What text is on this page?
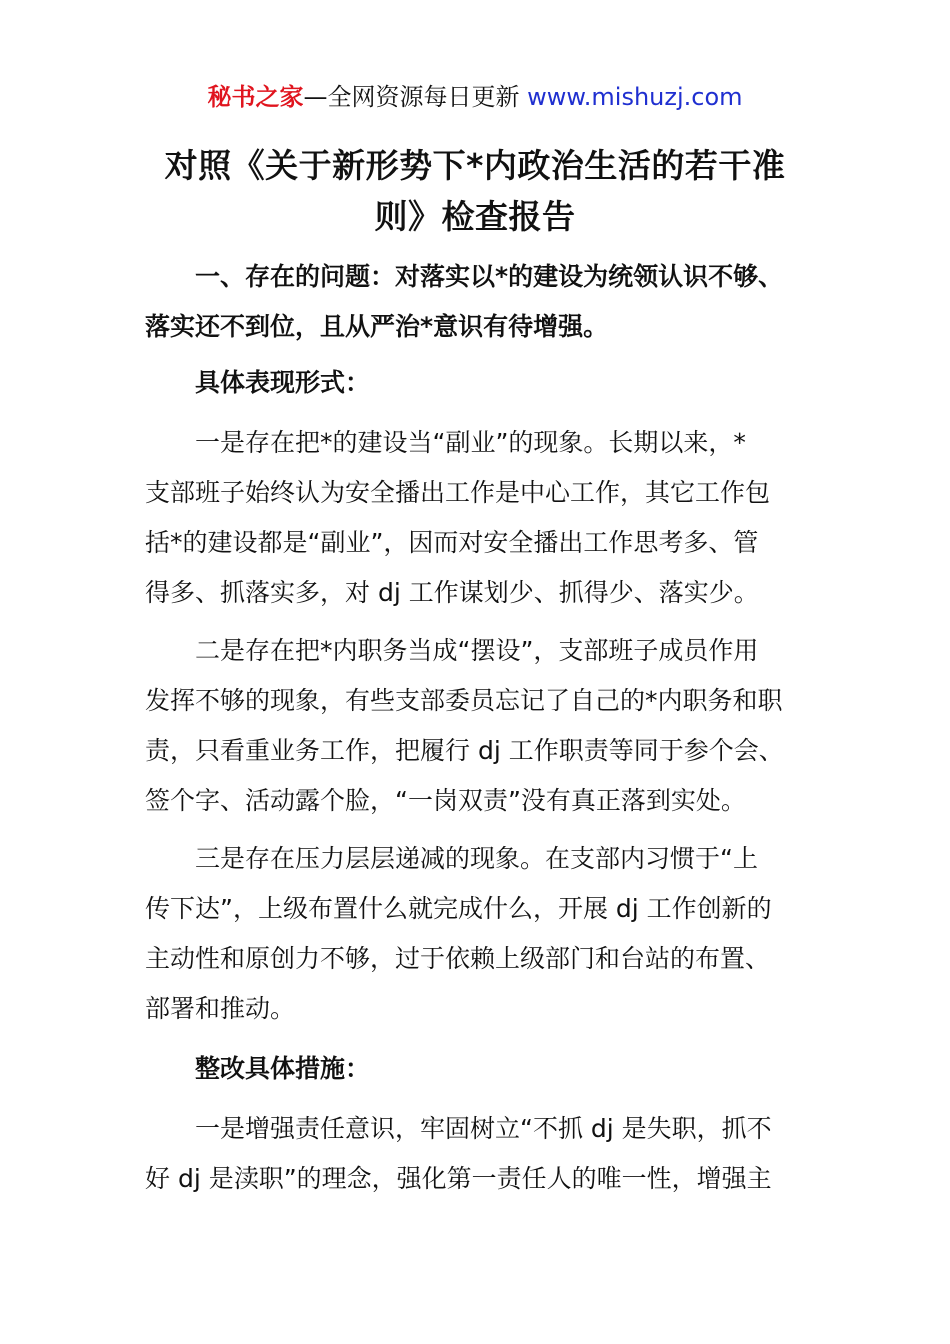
秘书之家—全网资源每日更新 www.mishuzj.com
对照《关于新形势下*内政治生活的若干准
则》检查报告
一、存在的问题：对落实以*的建设为统领认识不够、
落实还不到位，且从严治*意识有待增强。
具体表现形式：
一是存在把*的建设当“副业”的现象。长期以来，*
支部班子始终认为安全播出工作是中心工作，其它工作包
括*的建设都是“副业”，因而对安全播出工作思考多、管
得多、抓落实多，对 dj 工作谋划少、抓得少、落实少。
二是存在把*内职务当成“摆设”，支部班子成员作用
发挥不够的现象，有些支部委员忘记了自己的*内职务和职
责，只看重业务工作，把履行 dj 工作职责等同于参个会、
签个字、活动露个脸，“一岗双责”没有真正落到实处。
三是存在压力层层递减的现象。在支部内习惯于“上
传下达”，上级布置什么就完成什么，开展 dj 工作创新的
主动性和原创力不够，过于依赖上级部门和台站的布置、
部署和推动。
整改具体措施：
一是增强责任意识，牢固树立“不抓 dj 是失职，抓不
好 dj 是渎职”的理念，强化第一责任人的唯一性，增强主
